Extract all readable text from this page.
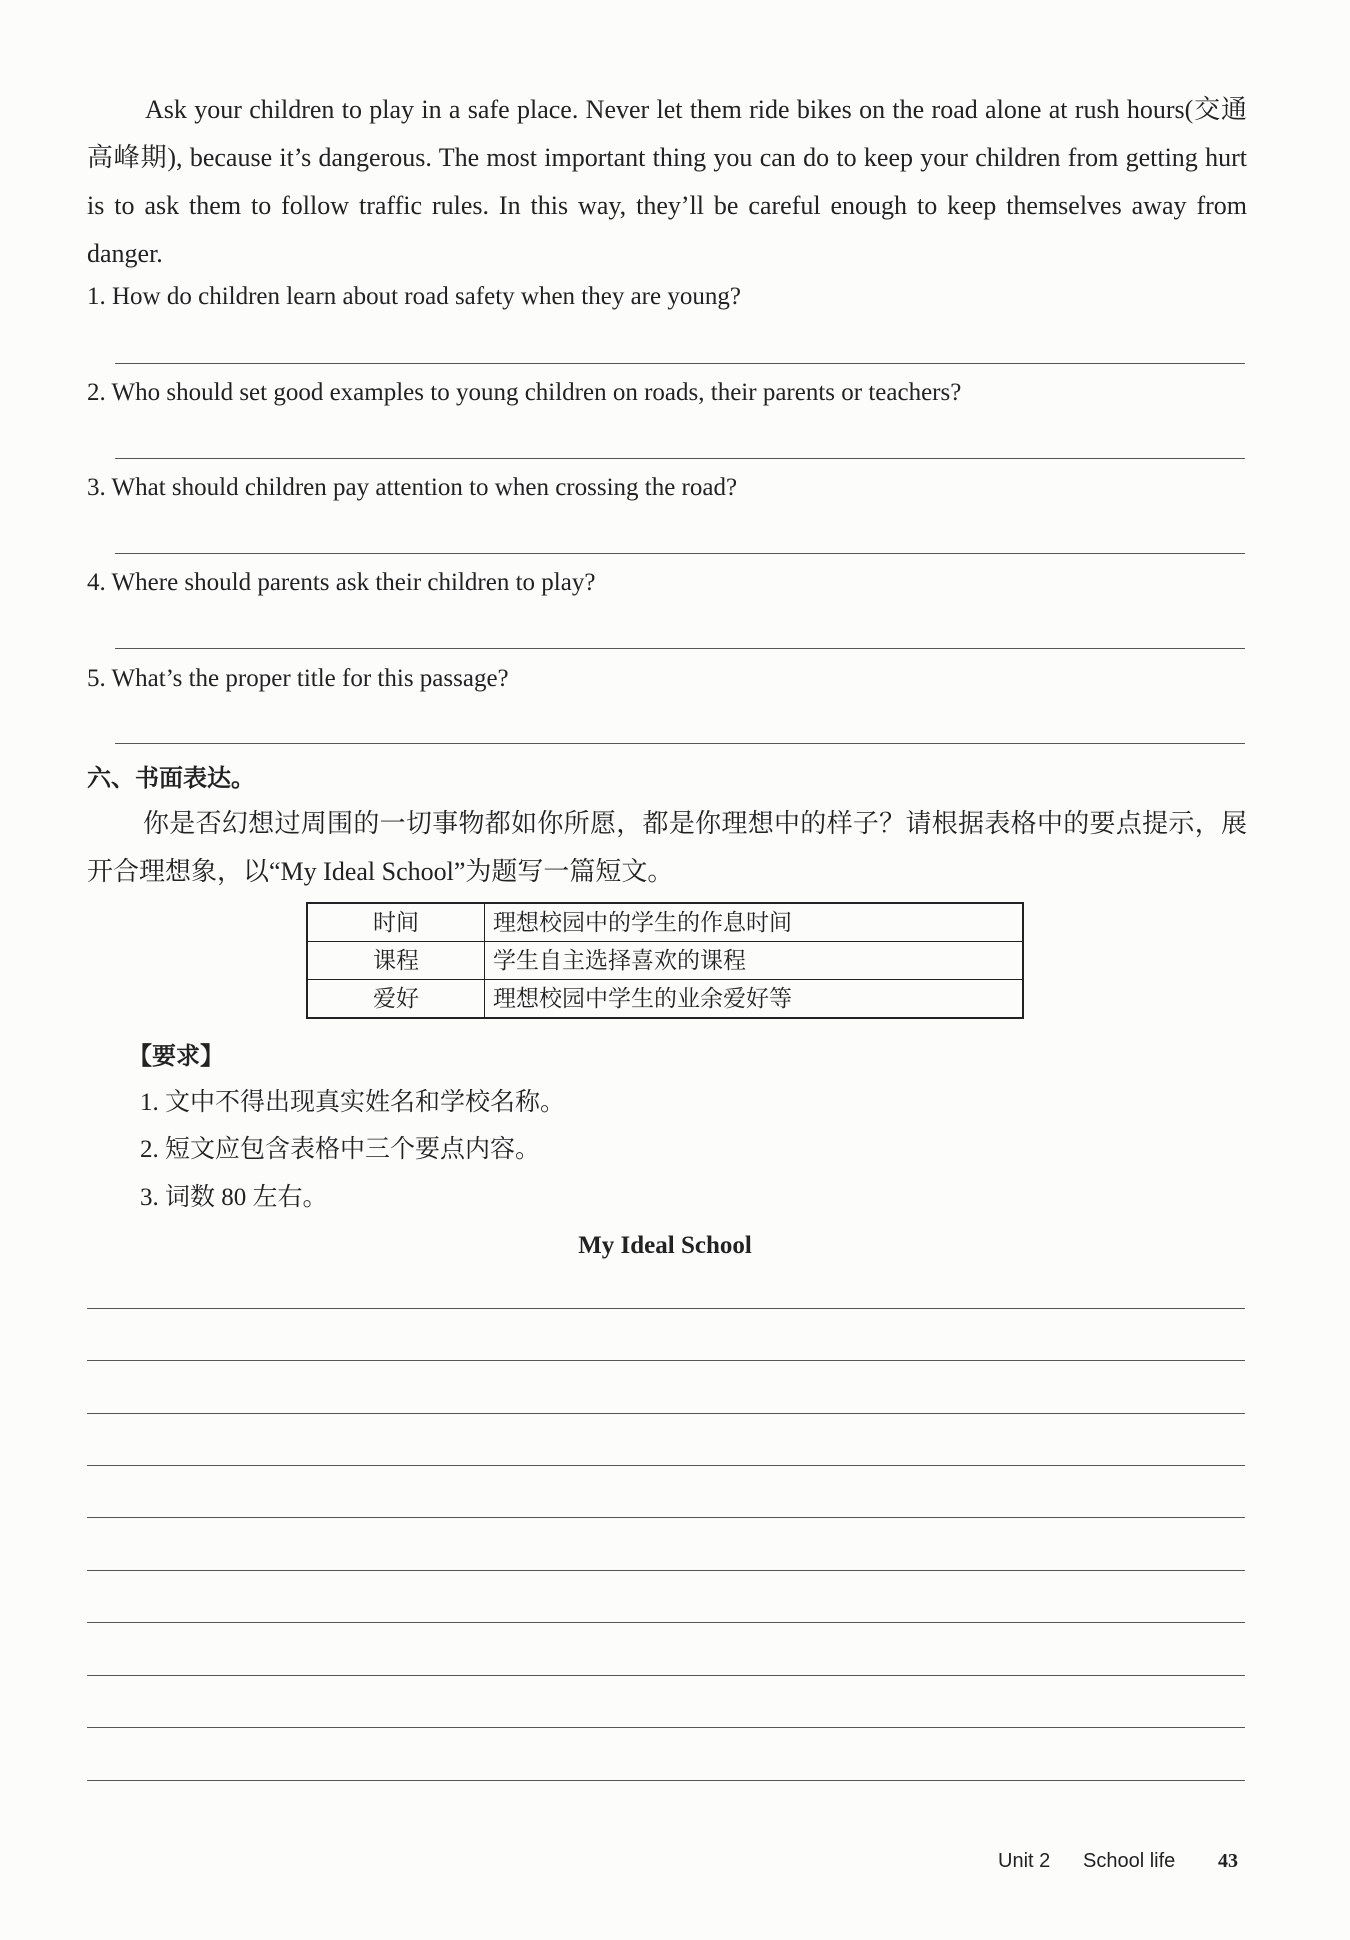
Ask your children to play in a safe place. Never let them ride bikes on the road alone at rush hours(交通高峰期), because it’s dangerous. The most important thing you can do to keep your children from getting hurt is to ask them to follow traffic rules. In this way, they’ll be careful enough to keep themselves away from danger.

1. How do children learn about road safety when they are young?
2. Who should set good examples to young children on roads, their parents or teachers?
3. What should children pay attention to when crossing the road?
4. Where should parents ask their children to play?
5. What’s the proper title for this passage?
六、书面表达。

你是否幻想过周围的一切事物都如你所愿，都是你理想中的样子？请根据表格中的要点提示，展开合理想象，以“My Ideal School”为题写一篇短文。

时间	理想校园中的学生的作息时间
课程	学生自主选择喜欢的课程
爱好	理想校园中学生的业余爱好等
【要求】
1. 文中不得出现真实姓名和学校名称。
2. 短文应包含表格中三个要点内容。
3. 词数 80 左右。
My Ideal School
Unit 2 School life 43
